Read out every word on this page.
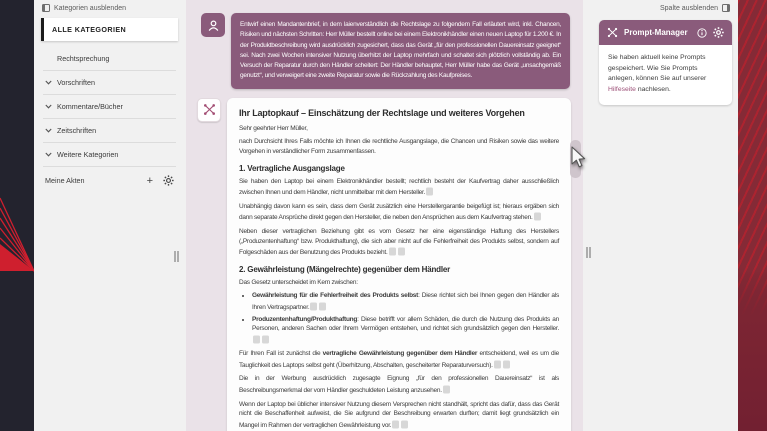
Kategorien ausblenden
ALLE KATEGORIEN
Rechtsprechung
Vorschriften
Kommentare/Bücher
Zeitschriften
Weitere Kategorien
Meine Akten	+
Entwirf einen Mandantenbrief, in dem laienverständlich die Rechtslage zu folgendem Fall erläutert wird, inkl. Chancen, Risiken und nächsten Schritten: Herr Müller bestellt online bei einem Elektronikhändler einen neuen Laptop für 1.200 €. In der Produktbeschreibung wird ausdrücklich zugesichert, dass das Gerät „für den professionellen Dauereinsatz geeignet“ sei. Nach zwei Wochen intensiver Nutzung überhitzt der Laptop mehrfach und schaltet sich plötzlich vollständig ab. Ein Versuch der Reparatur durch den Händler scheitert: Der Händler behauptet, Herr Müller habe das Gerät „unsachgemäß genutzt“, und verweigert eine zweite Reparatur sowie die Rückzahlung des Kaufpreises.
Ihr Laptopkauf – Einschätzung der Rechtslage und weiteres Vorgehen

Sehr geehrter Herr Müller,

nach Durchsicht Ihres Falls möchte ich Ihnen die rechtliche Ausgangslage, die Chancen und Risiken sowie das weitere Vorgehen in verständlicher Form zusammenfassen.

1. Vertragliche Ausgangslage

Sie haben den Laptop bei einem Elektronikhändler bestellt; rechtlich besteht der Kaufvertrag daher ausschließlich zwischen Ihnen und dem Händler, nicht unmittelbar mit dem Hersteller.

Unabhängig davon kann es sein, dass dem Gerät zusätzlich eine Herstellergarantie beigefügt ist; hieraus ergäben sich dann separate Ansprüche direkt gegen den Hersteller, die neben den Ansprüchen aus dem Kaufvertrag stehen.

Neben dieser vertraglichen Beziehung gibt es vom Gesetz her eine eigenständige Haftung des Herstellers („Produzentenhaftung“ bzw. Produkthaftung), die sich aber nicht auf die Fehlerfreiheit des Produkts selbst, sondern auf Folgeschäden aus der Benutzung des Produkts bezieht.

2. Gewährleistung (Mängelrechte) gegenüber dem Händler

Das Gesetz unterscheidet im Kern zwischen:

• Gewährleistung für die Fehlerfreiheit des Produkts selbst: Diese richtet sich bei Ihnen gegen den Händler als Ihren Vertragspartner.
• Produzentenhaftung/Produkthaftung: Diese betrifft vor allem Schäden, die durch die Nutzung des Produkts an Personen, anderen Sachen oder Ihrem Vermögen entstehen, und richtet sich grundsätzlich gegen den Hersteller.

Für Ihren Fall ist zunächst die vertragliche Gewährleistung gegenüber dem Händler entscheidend, weil es um die Tauglichkeit des Laptops selbst geht (Überhitzung, Abschalten, gescheiterter Reparaturversuch).

Die in der Werbung ausdrücklich zugesagte Eignung „für den professionellen Dauereinsatz“ ist als Beschreibungsmerkmal der vom Händler geschuldeten Leistung anzusehen.

Wenn der Laptop bei üblicher intensiver Nutzung diesem Versprechen nicht standhält, spricht das dafür, dass das Gerät nicht die Beschaffenheit aufweist, die Sie aufgrund der Beschreibung erwarten durften; damit liegt grundsätzlich ein Mangel im Rahmen der vertraglichen Gewährleistung vor.

Spalte ausblenden
Prompt-Manager
Sie haben aktuell keine Prompts gespeichert. Wie Sie Prompts anlegen, können Sie auf unserer Hilfeseite nachlesen.
